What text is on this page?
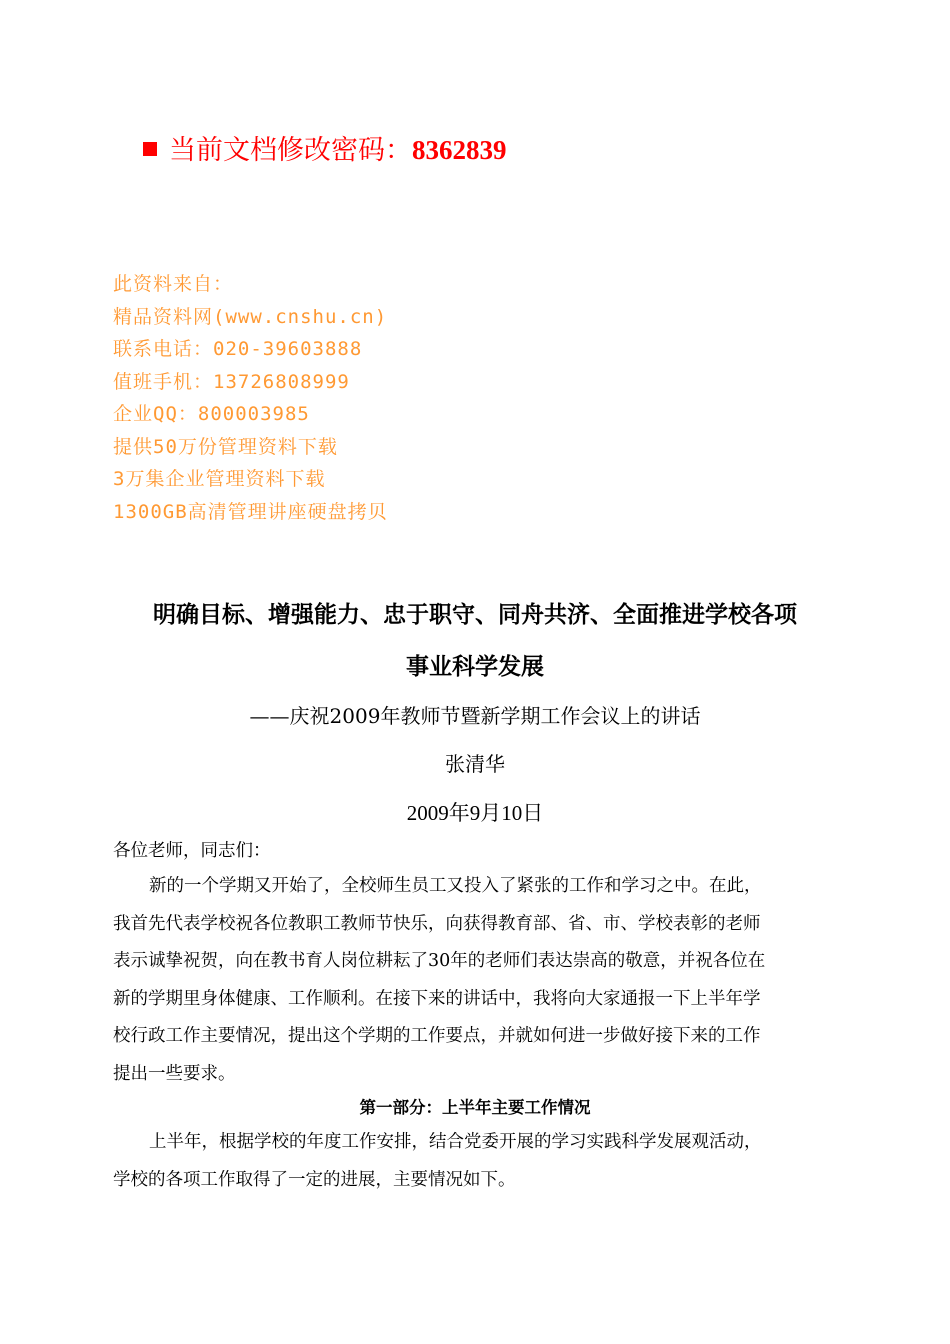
当前文档修改密码：8362839
此资料来自：
精品资料网(www.cnshu.cn)
联系电话：020-39603888
值班手机：13726808999
企业QQ：800003985
提供50万份管理资料下载
3万集企业管理资料下载
1300GB高清管理讲座硬盘拷贝
明确目标、增强能力、忠于职守、同舟共济、全面推进学校各项
事业科学发展
——庆祝2009年教师节暨新学期工作会议上的讲话
张清华
2009年9月10日
各位老师，同志们：
新的一个学期又开始了，全校师生员工又投入了紧张的工作和学习之中。在此，
我首先代表学校祝各位教职工教师节快乐，向获得教育部、省、市、学校表彰的老师
表示诚挚祝贺，向在教书育人岗位耕耘了30年的老师们表达崇高的敬意，并祝各位在
新的学期里身体健康、工作顺利。在接下来的讲话中，我将向大家通报一下上半年学
校行政工作主要情况，提出这个学期的工作要点，并就如何进一步做好接下来的工作
提出一些要求。
第一部分：上半年主要工作情况
上半年，根据学校的年度工作安排，结合党委开展的学习实践科学发展观活动，
学校的各项工作取得了一定的进展，主要情况如下。
